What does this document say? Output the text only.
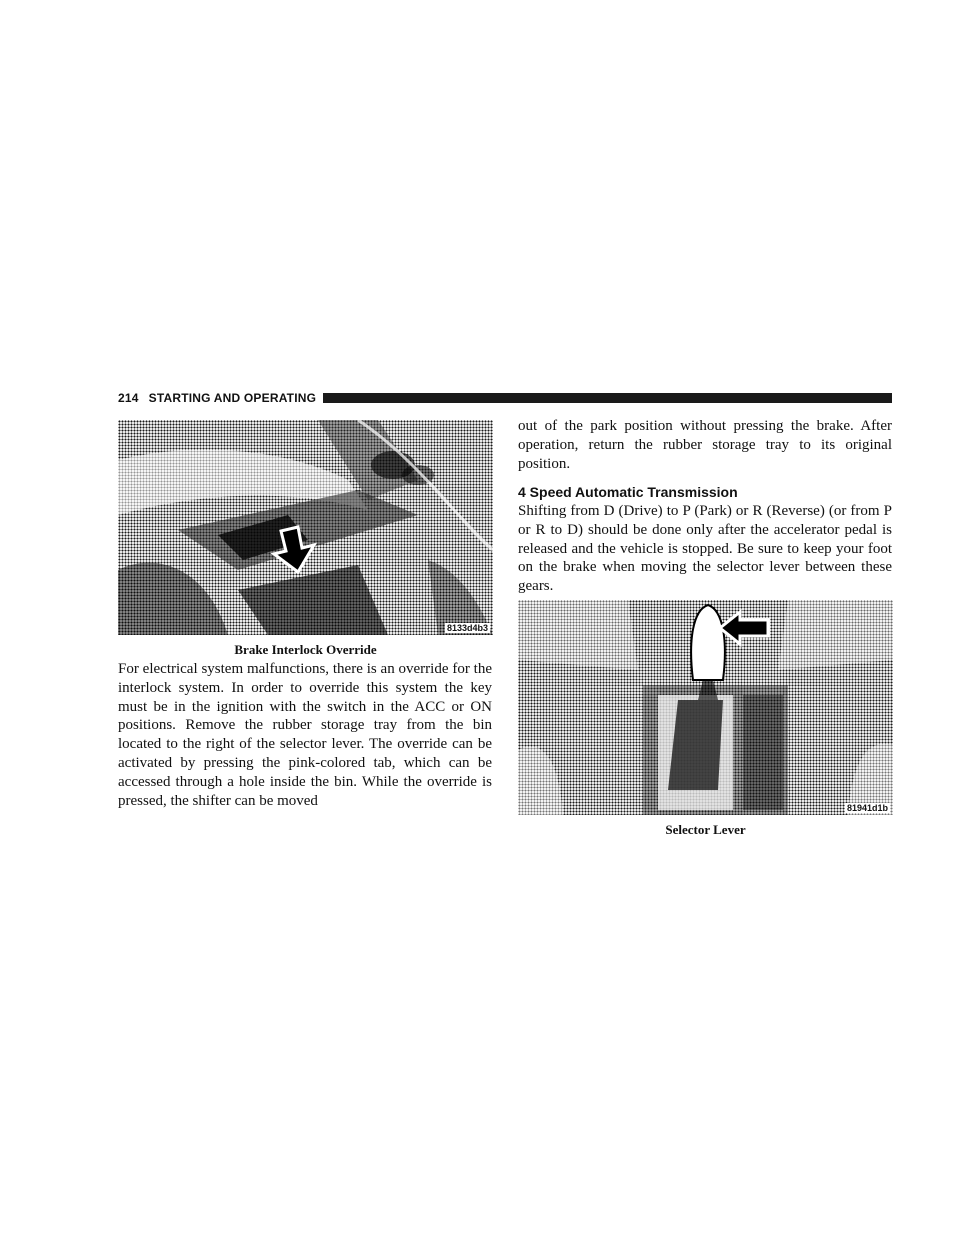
214 STARTING AND OPERATING
8133d4b3
Brake Interlock Override

For electrical system malfunctions, there is an override for the interlock system. In order to override this system the key must be in the ignition with the switch in the ACC or ON positions. Remove the rubber storage tray from the bin located to the right of the selector lever. The override can be activated by pressing the pink-colored tab, which can be accessed through a hole inside the bin. While the override is pressed, the shifter can be moved

out of the park position without pressing the brake. After operation, return the rubber storage tray to its original position.

4 Speed Automatic Transmission

Shifting from D (Drive) to P (Park) or R (Reverse) (or from P or R to D) should be done only after the accelerator pedal is released and the vehicle is stopped. Be sure to keep your foot on the brake when moving the selector lever between these gears.

81941d1b
Selector Lever
